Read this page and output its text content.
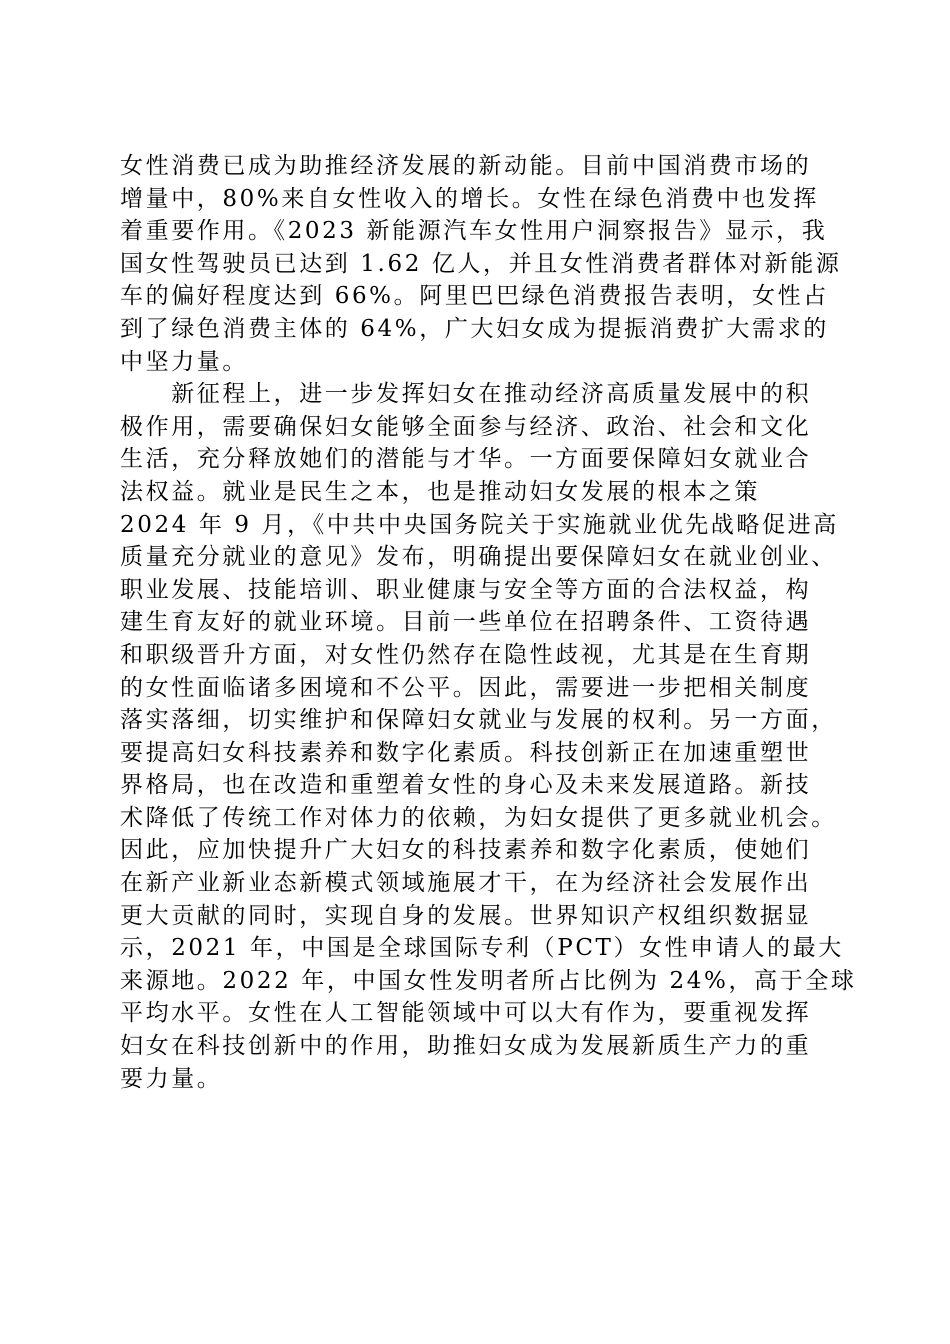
女性消费已成为助推经济发展的新动能。目前中国消费市场的
增量中，80%来自女性收入的增长。女性在绿色消费中也发挥
着重要作用。《2023 新能源汽车女性用户洞察报告》显示，我
国女性驾驶员已达到 1.62 亿人，并且女性消费者群体对新能源
车的偏好程度达到 66%。阿里巴巴绿色消费报告表明，女性占
到了绿色消费主体的 64%，广大妇女成为提振消费扩大需求的
中坚力量。
　　新征程上，进一步发挥妇女在推动经济高质量发展中的积
极作用，需要确保妇女能够全面参与经济、政治、社会和文化
生活，充分释放她们的潜能与才华。一方面要保障妇女就业合
法权益。就业是民生之本，也是推动妇女发展的根本之策
2024 年 9 月，《中共中央国务院关于实施就业优先战略促进高
质量充分就业的意见》发布，明确提出要保障妇女在就业创业、
职业发展、技能培训、职业健康与安全等方面的合法权益，构
建生育友好的就业环境。目前一些单位在招聘条件、工资待遇
和职级晋升方面，对女性仍然存在隐性歧视，尤其是在生育期
的女性面临诸多困境和不公平。因此，需要进一步把相关制度
落实落细，切实维护和保障妇女就业与发展的权利。另一方面，
要提高妇女科技素养和数字化素质。科技创新正在加速重塑世
界格局，也在改造和重塑着女性的身心及未来发展道路。新技
术降低了传统工作对体力的依赖，为妇女提供了更多就业机会。
因此，应加快提升广大妇女的科技素养和数字化素质，使她们
在新产业新业态新模式领域施展才干，在为经济社会发展作出
更大贡献的同时，实现自身的发展。世界知识产权组织数据显
示，2021 年，中国是全球国际专利（PCT）女性申请人的最大
来源地。2022 年，中国女性发明者所占比例为 24%，高于全球
平均水平。女性在人工智能领域中可以大有作为，要重视发挥
妇女在科技创新中的作用，助推妇女成为发展新质生产力的重
要力量。
